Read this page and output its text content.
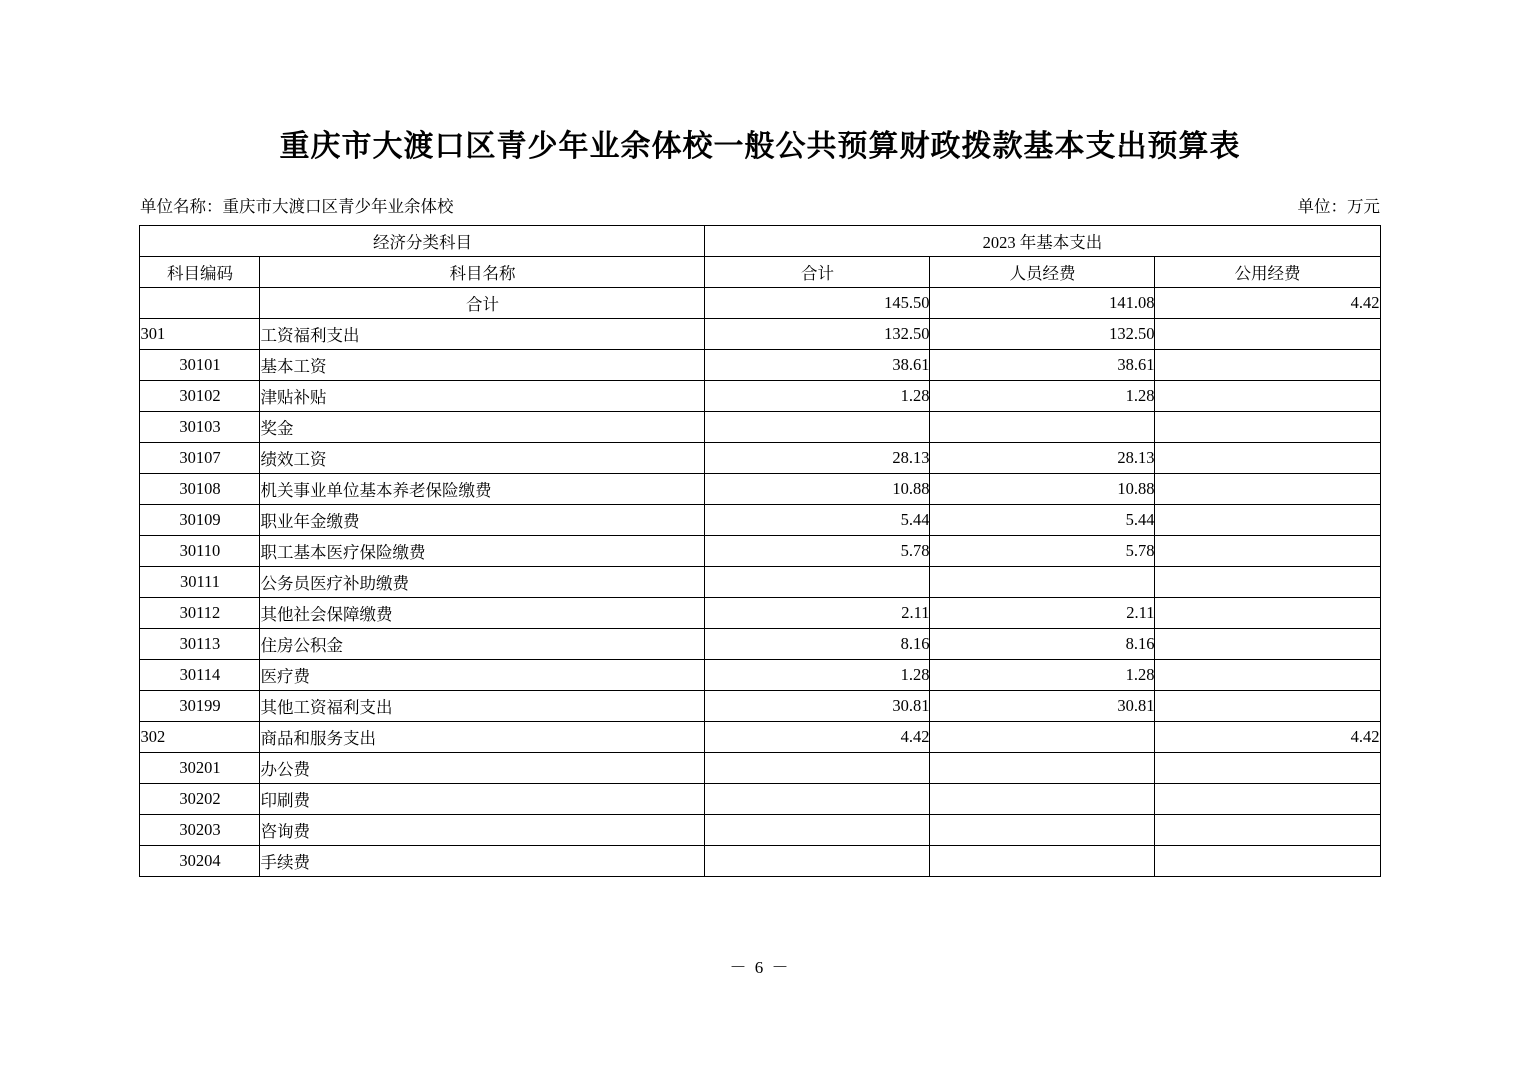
重庆市大渡口区青少年业余体校一般公共预算财政拨款基本支出预算表
单位名称：重庆市大渡口区青少年业余体校	单位：万元
经济分类科目		2023 年基本支出		
科目编码	科目名称	合计	人员经费	公用经费
	合计	145.50	141.08	4.42
301	工资福利支出	132.50	132.50	
30101	基本工资	38.61	38.61	
30102	津贴补贴	1.28	1.28	
30103	奖金			
30107	绩效工资	28.13	28.13	
30108	机关事业单位基本养老保险缴费	10.88	10.88	
30109	职业年金缴费	5.44	5.44	
30110	职工基本医疗保险缴费	5.78	5.78	
30111	公务员医疗补助缴费			
30112	其他社会保障缴费	2.11	2.11	
30113	住房公积金	8.16	8.16	
30114	医疗费	1.28	1.28	
30199	其他工资福利支出	30.81	30.81	
302	商品和服务支出	4.42		4.42
30201	办公费			
30202	印刷费			
30203	咨询费			
30204	手续费			
－ 6 －
